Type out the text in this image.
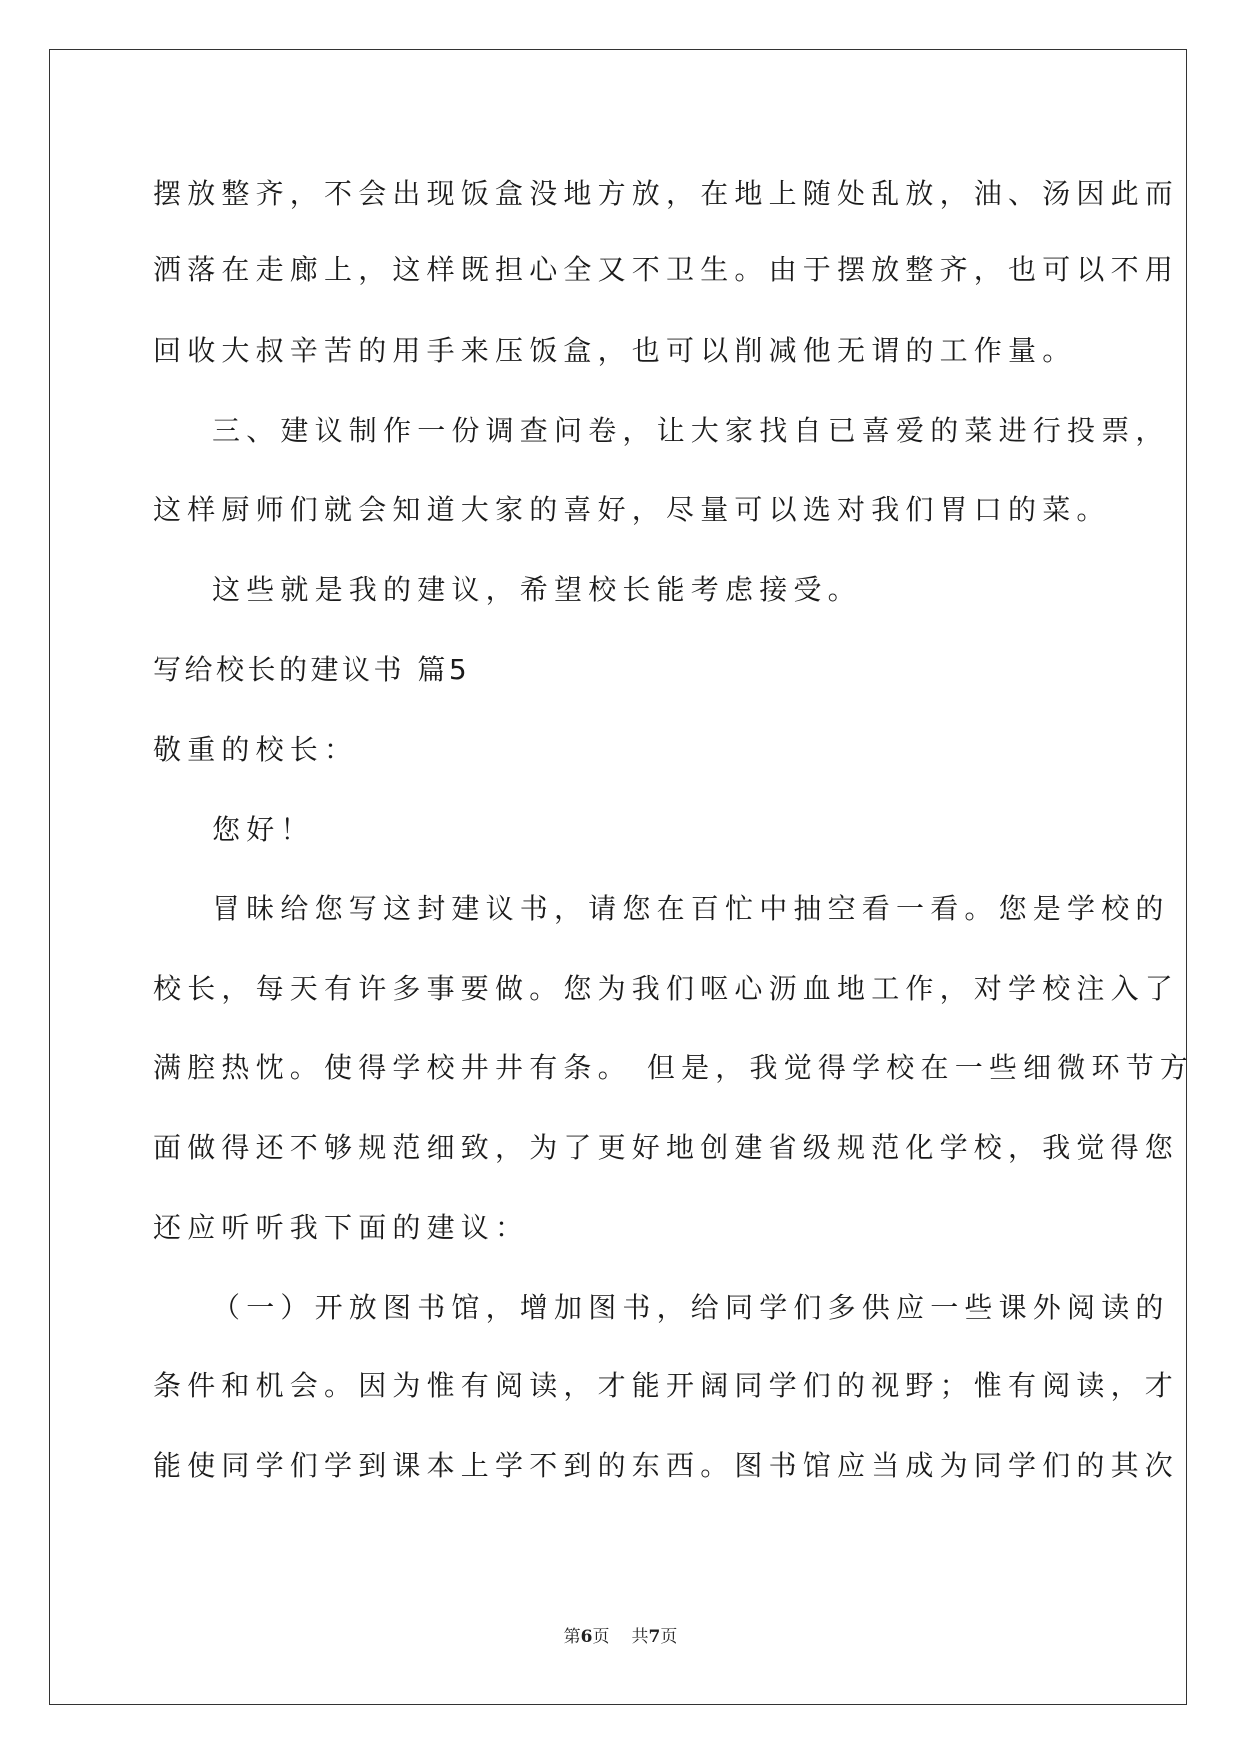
摆放整齐，不会出现饭盒没地方放，在地上随处乱放，油、汤因此而
洒落在走廊上，这样既担心全又不卫生。由于摆放整齐，也可以不用
回收大叔辛苦的用手来压饭盒，也可以削减他无谓的工作量。
三、建议制作一份调查问卷，让大家找自已喜爱的菜进行投票，
这样厨师们就会知道大家的喜好，尽量可以选对我们胃口的菜。
这些就是我的建议，希望校长能考虑接受。
写给校长的建议书 篇5
敬重的校长：
您好！
冒昧给您写这封建议书，请您在百忙中抽空看一看。您是学校的
校长，每天有许多事要做。您为我们呕心沥血地工作，对学校注入了
满腔热忱。使得学校井井有条。 但是，我觉得学校在一些细微环节方
面做得还不够规范细致，为了更好地创建省级规范化学校，我觉得您
还应听听我下面的建议：
（一）开放图书馆，增加图书，给同学们多供应一些课外阅读的
条件和机会。因为惟有阅读，才能开阔同学们的视野；惟有阅读，才
能使同学们学到课本上学不到的东西。图书馆应当成为同学们的其次
第6页 共7页
